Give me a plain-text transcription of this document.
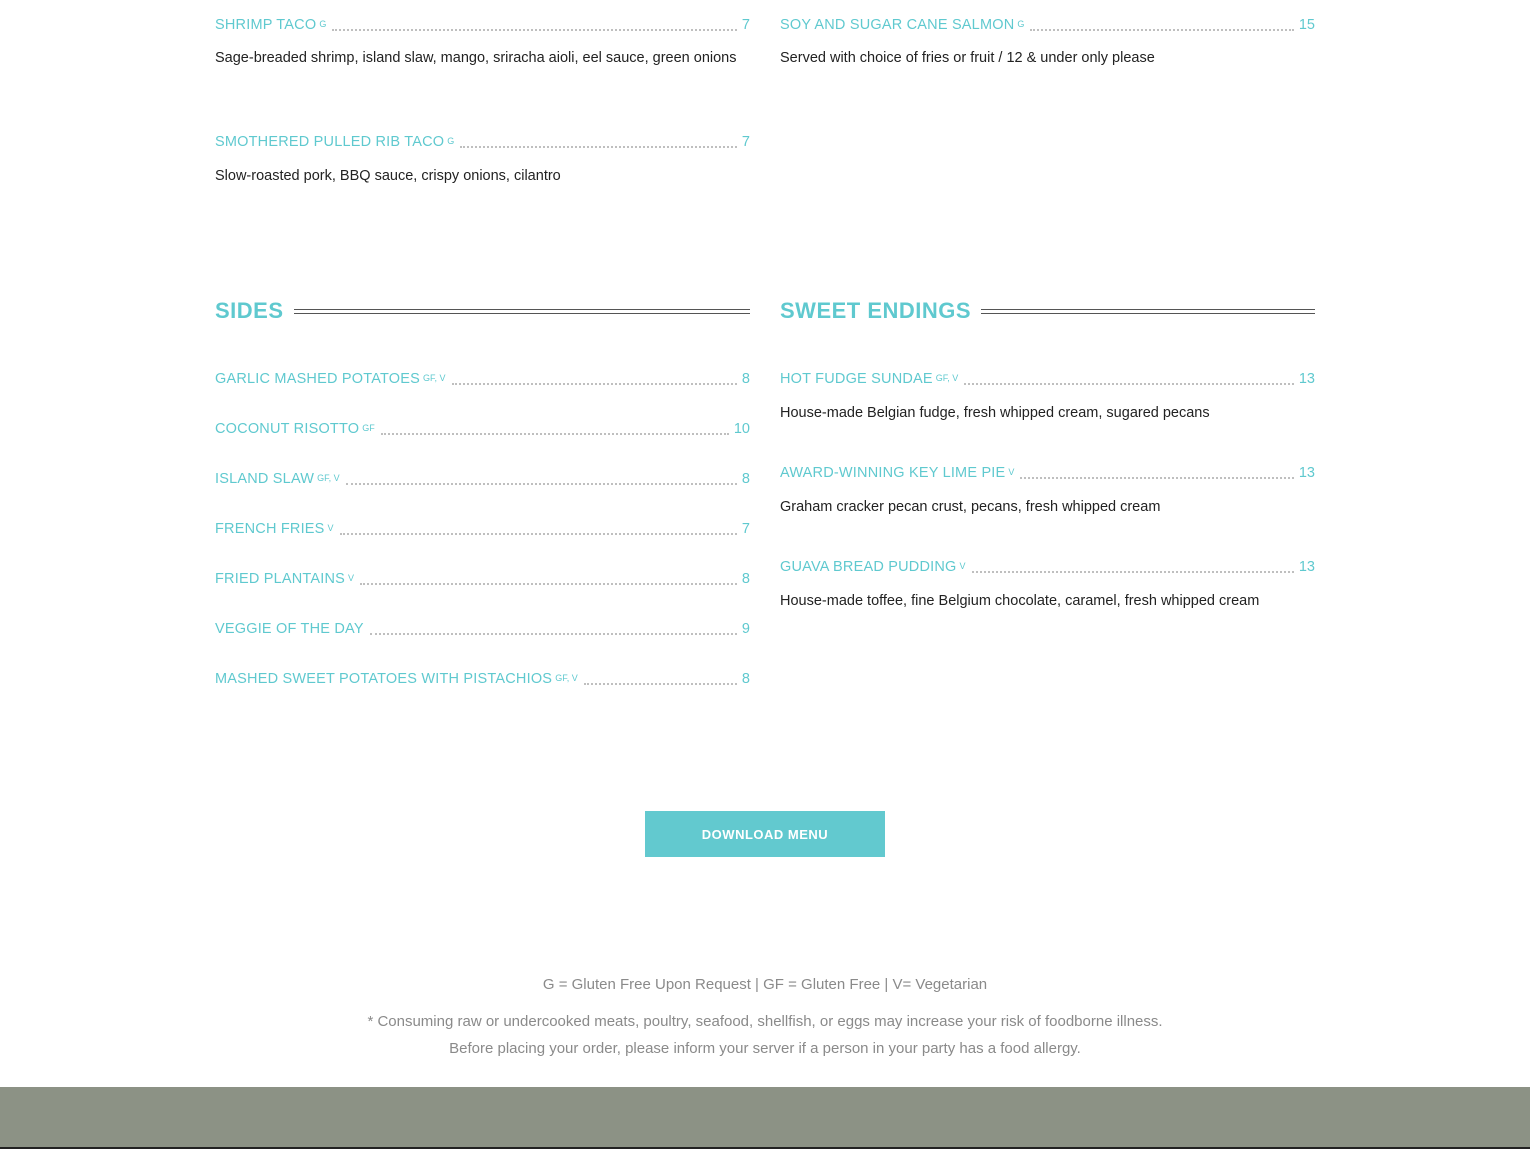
SHRIMP TACO G	7
Sage-breaded shrimp, island slaw, mango, sriracha aioli, eel sauce, green onions
SMOTHERED PULLED RIB TACO G	7
Slow-roasted pork, BBQ sauce, crispy onions, cilantro
SIDES
GARLIC MASHED POTATOES GF, V	8
COCONUT RISOTTO GF	10
ISLAND SLAW GF, V	8
FRENCH FRIES V	7
FRIED PLANTAINS V	8
VEGGIE OF THE DAY	9
MASHED SWEET POTATOES WITH PISTACHIOS GF, V	8
SOY AND SUGAR CANE SALMON G	15
Served with choice of fries or fruit / 12 & under only please
SWEET ENDINGS
HOT FUDGE SUNDAE GF, V	13
House-made Belgian fudge, fresh whipped cream, sugared pecans
AWARD-WINNING KEY LIME PIE V	13
Graham cracker pecan crust, pecans, fresh whipped cream
GUAVA BREAD PUDDING V	13
House-made toffee, fine Belgium chocolate, caramel, fresh whipped cream
DOWNLOAD MENU
G = Gluten Free Upon Request | GF = Gluten Free | V= Vegetarian
* Consuming raw or undercooked meats, poultry, seafood, shellfish, or eggs may increase your risk of foodborne illness.
Before placing your order, please inform your server if a person in your party has a food allergy.
